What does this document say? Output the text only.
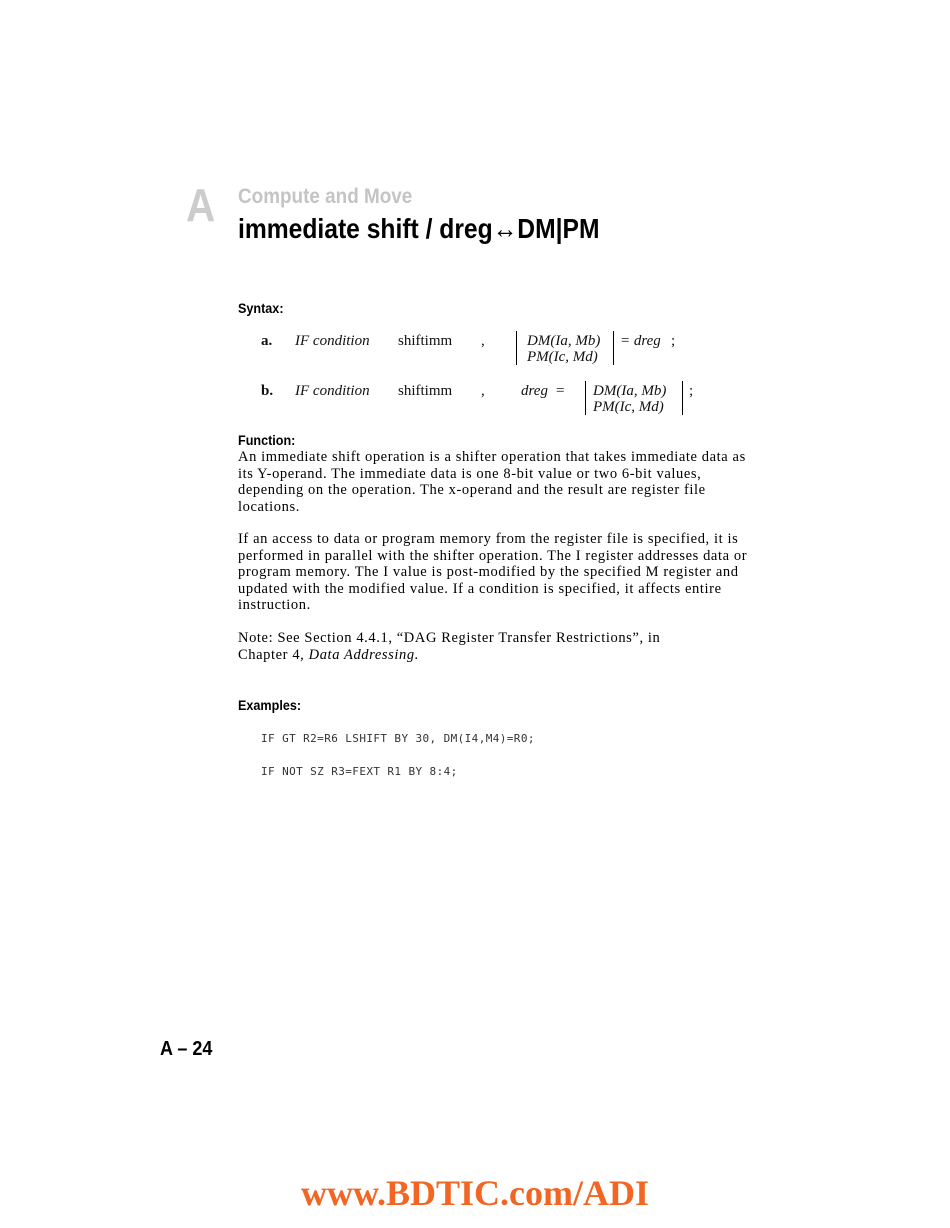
A Compute and Move
immediate shift / dreg↔DM|PM
Syntax:
a. IF condition shiftimm ,	DM(Ia, Mb)
PM(Ic, Md)
= dreg ;
b. IF condition shiftimm , dreg = DM(Ia, Mb)
PM(Ic, Md)
;
Function:

An immediate shift operation is a shifter operation that takes immediate data as its Y-operand. The immediate data is one 8-bit value or two 6-bit values, depending on the operation. The x-operand and the result are register file locations.

If an access to data or program memory from the register file is specified, it is performed in parallel with the shifter operation. The I register addresses data or program memory. The I value is post-modified by the specified M register and updated with the modified value. If a condition is specified, it affects entire instruction.

Note: See Section 4.4.1, “DAG Register Transfer Restrictions”, in Chapter 4, Data Addressing.

Examples:
IF GT R2=R6 LSHIFT BY 30, DM(I4,M4)=R0;
IF NOT SZ R3=FEXT R1 BY 8:4;
A – 24
www.BDTIC.com/ADI
